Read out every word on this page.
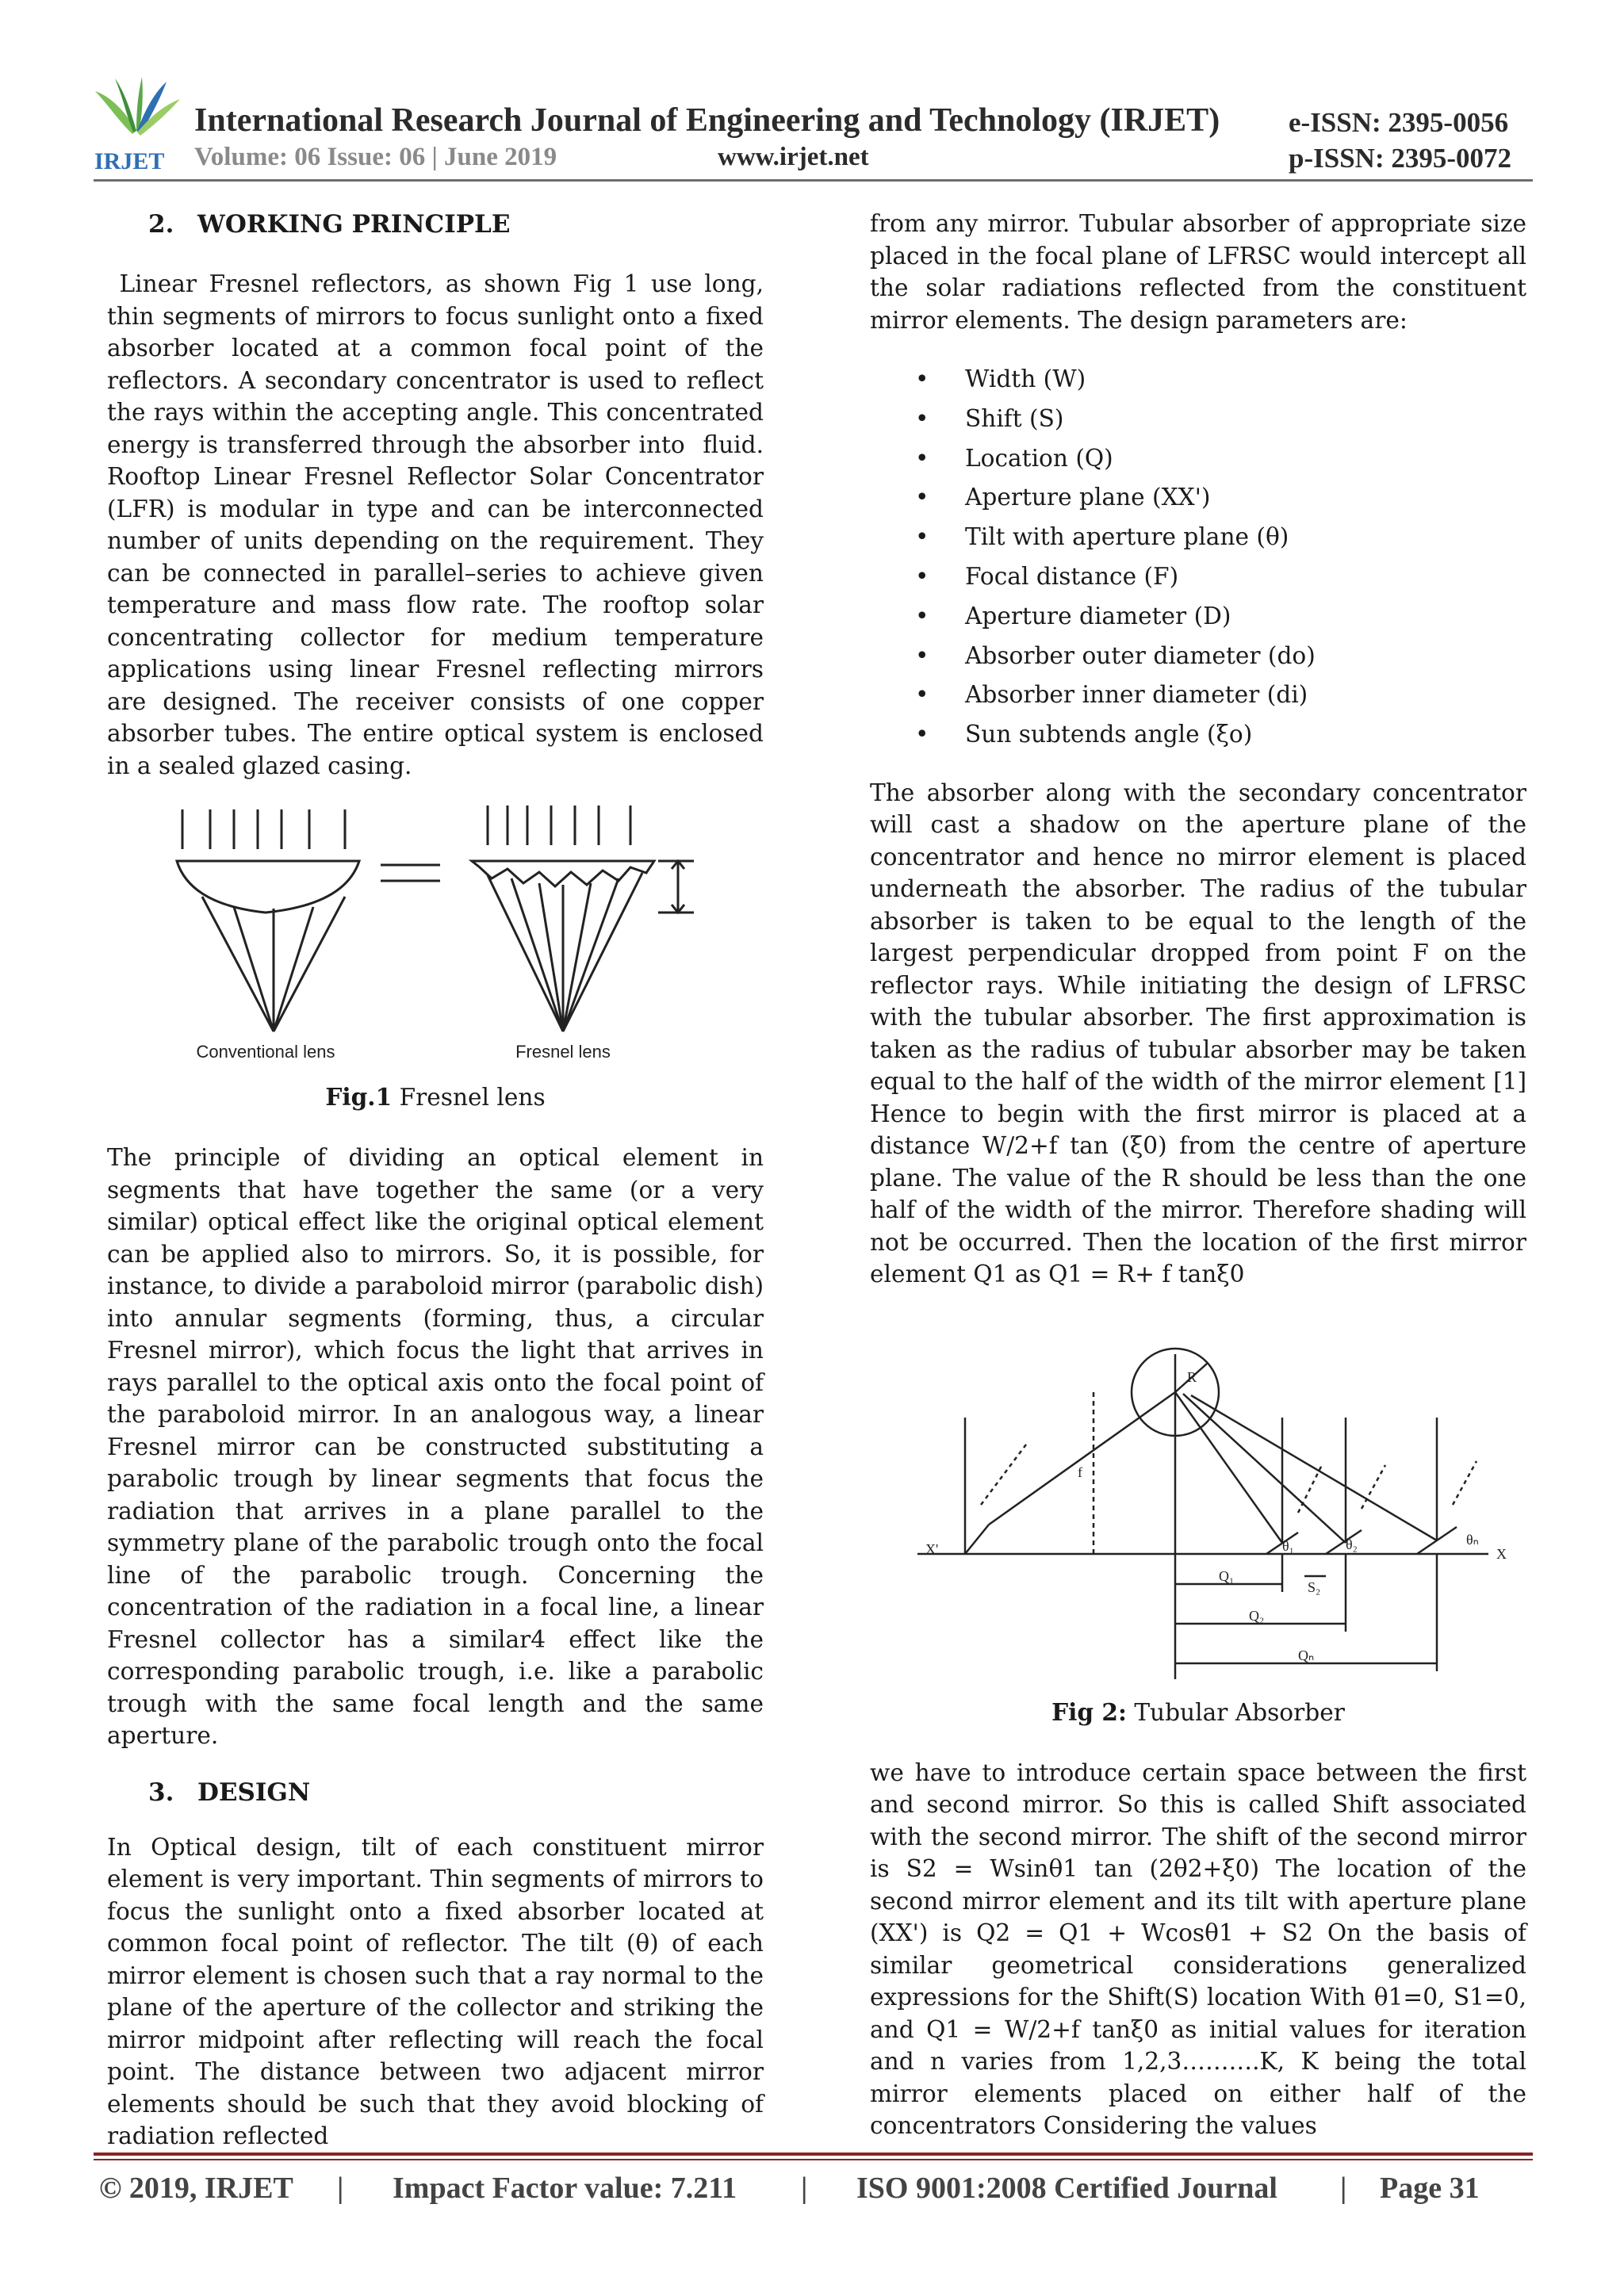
IRJET
International Research Journal of Engineering and Technology (IRJET) e-ISSN: 2395-0056
Volume: 06 Issue: 06 | June 2019	www.irjet.net	p-ISSN: 2395-0072
2. WORKING PRINCIPLE

Linear Fresnel reflectors, as shown Fig 1 use long, thin segments of mirrors to focus sunlight onto a fixed absorber located at a common focal point of the reflectors. A secondary concentrator is used to reflect the rays within the accepting angle. This concentrated energy is transferred through the absorber into  fluid. Rooftop Linear Fresnel Reflector Solar Concentrator (LFR) is modular in type and can be interconnected number of units depending on the requirement. They can be connected in parallel–series to achieve given temperature and mass flow rate. The rooftop solar concentrating collector for medium temperature applications using linear Fresnel reflecting mirrors are designed. The receiver consists of one copper  absorber tubes. The entire optical system is enclosed in a sealed glazed casing.

Conventional lens	Fresnel lens
Fig.1 Fresnel lens

The principle of dividing an optical element in segments that have together the same (or a very similar) optical effect like the original optical element can be applied also to mirrors. So, it is possible, for instance, to divide a paraboloid mirror (parabolic dish) into annular segments (forming, thus, a circular Fresnel mirror), which focus the light that arrives in rays parallel to the optical axis onto the focal point of the paraboloid mirror. In an analogous way, a linear Fresnel mirror can be constructed substituting a parabolic trough by linear segments that focus the radiation that arrives in a plane parallel to the symmetry plane of the parabolic trough onto the focal line of the parabolic trough. Concerning the concentration of the radiation in a focal line, a linear Fresnel collector has a similar4 effect like the corresponding parabolic trough, i.e. like a parabolic trough with the same focal length and the same aperture.

3. DESIGN

In Optical design, tilt of each constituent mirror element is very important. Thin segments of mirrors to focus the sunlight onto a fixed absorber located at common focal point of reflector. The tilt (θ) of each mirror element is chosen such that a ray normal to the plane of the aperture of the collector and striking the mirror midpoint after reflecting will reach the focal point. The distance between two adjacent mirror elements should be such that they avoid blocking of radiation reflected

from any mirror. Tubular absorber of appropriate size placed in the focal plane of LFRSC would intercept all the solar radiations reflected from the constituent mirror elements. The design parameters are:

• Width (W)
• Shift (S)
• Location (Q)
• Aperture plane (XX')
• Tilt with aperture plane (θ)
• Focal distance (F)
• Aperture diameter (D)
• Absorber outer diameter (do)
• Absorber inner diameter (di)
• Sun subtends angle (ξo)

The absorber along with the secondary concentrator will cast a shadow on the aperture plane of the concentrator and hence no mirror element is placed underneath the absorber. The radius of the tubular absorber is taken to be equal to the length of the largest perpendicular dropped from point F on the reflector rays. While initiating the design of LFRSC with the tubular absorber. The first approximation is taken as the radius of tubular absorber may be taken equal to the half of the width of the mirror element [1] Hence to begin with the first mirror is placed at a distance W/2+f tan (ξ0) from the centre of aperture plane. The value of the R should be less than the one half of the width of the mirror. Therefore shading will not be occurred. Then the location of the first mirror element Q1 as Q1 = R+ f tanξ0

R
f
X'	X
θ₁	θ₂	θₙ
Q₁
Q₂
Qₙ
S₂
Fig 2: Tubular Absorber

we have to introduce certain space between the first and second mirror. So this is called Shift associated with the second mirror. The shift of the second mirror is S2 = Wsinθ1 tan (2θ2+ξ0) The location of the second mirror element and its tilt with aperture plane (XX') is Q2 = Q1 + Wcosθ1 + S2 On the basis of similar geometrical considerations generalized expressions for the Shift(S) location With θ1=0, S1=0, and Q1 = W/2+f tanξ0 as initial values for iteration and n varies from 1,2,3……….K, K being the total mirror elements placed on either half of the concentrators Considering the values

© 2019, IRJET | Impact Factor value: 7.211 | ISO 9001:2008 Certified Journal | Page 31
